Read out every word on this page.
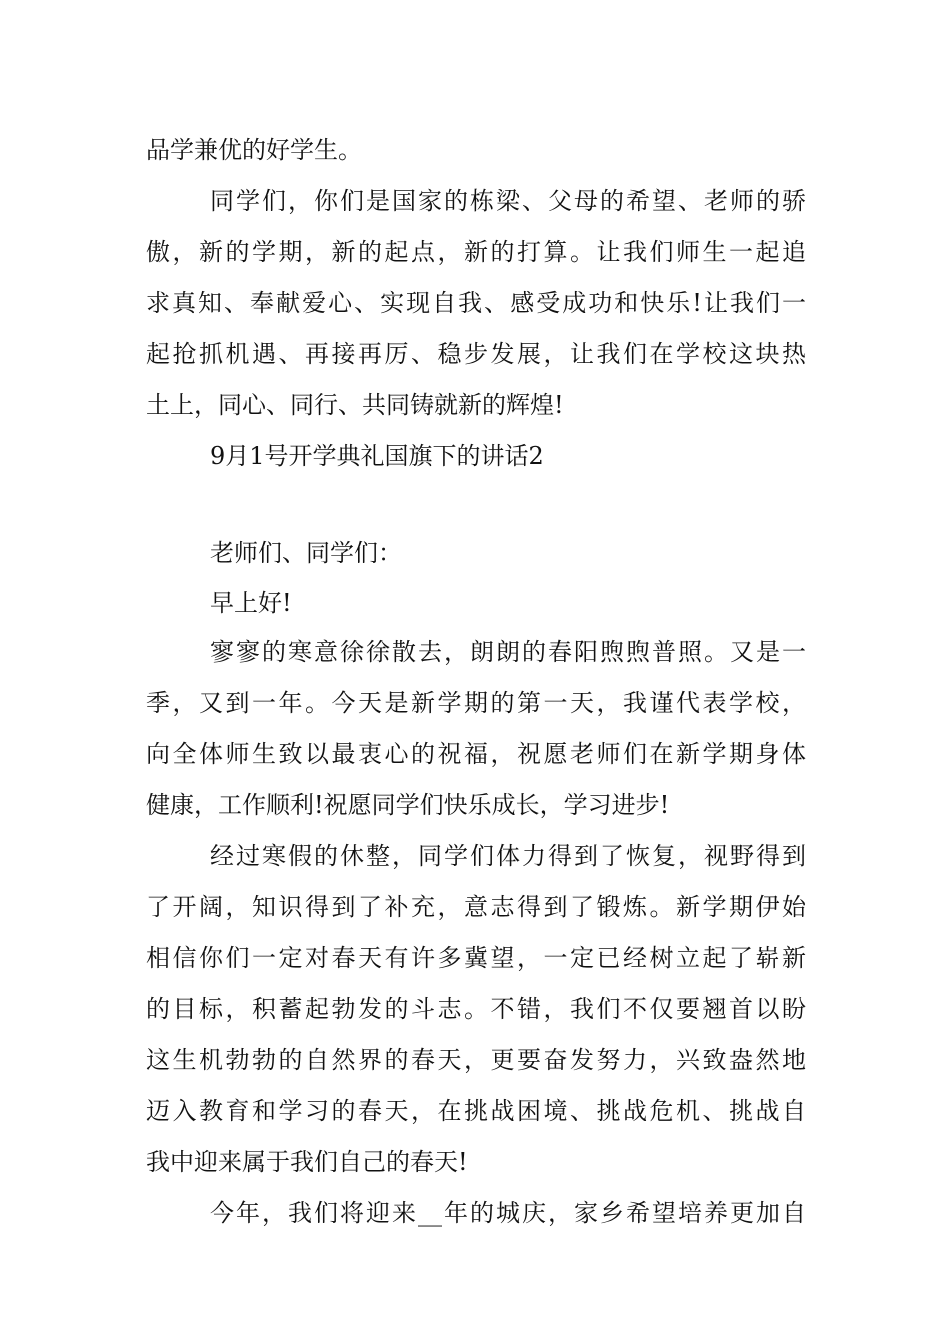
品学兼优的好学生。
同学们，你们是国家的栋梁、父母的希望、老师的骄
傲，新的学期，新的起点，新的打算。让我们师生一起追
求真知、奉献爱心、实现自我、感受成功和快乐!让我们一
起抢抓机遇、再接再厉、稳步发展，让我们在学校这块热
土上，同心、同行、共同铸就新的辉煌!
9月1号开学典礼国旗下的讲话2
老师们、同学们：
早上好!
寥寥的寒意徐徐散去，朗朗的春阳煦煦普照。又是一
季，又到一年。今天是新学期的第一天，我谨代表学校，
向全体师生致以最衷心的祝福，祝愿老师们在新学期身体
健康，工作顺利!祝愿同学们快乐成长，学习进步!
经过寒假的休整，同学们体力得到了恢复，视野得到
了开阔，知识得到了补充，意志得到了锻炼。新学期伊始
相信你们一定对春天有许多冀望，一定已经树立起了崭新
的目标，积蓄起勃发的斗志。不错，我们不仅要翘首以盼
这生机勃勃的自然界的春天，更要奋发努力，兴致盎然地
迈入教育和学习的春天，在挑战困境、挑战危机、挑战自
我中迎来属于我们自己的春天!
今年，我们将迎来__年的城庆，家乡希望培养更加自
